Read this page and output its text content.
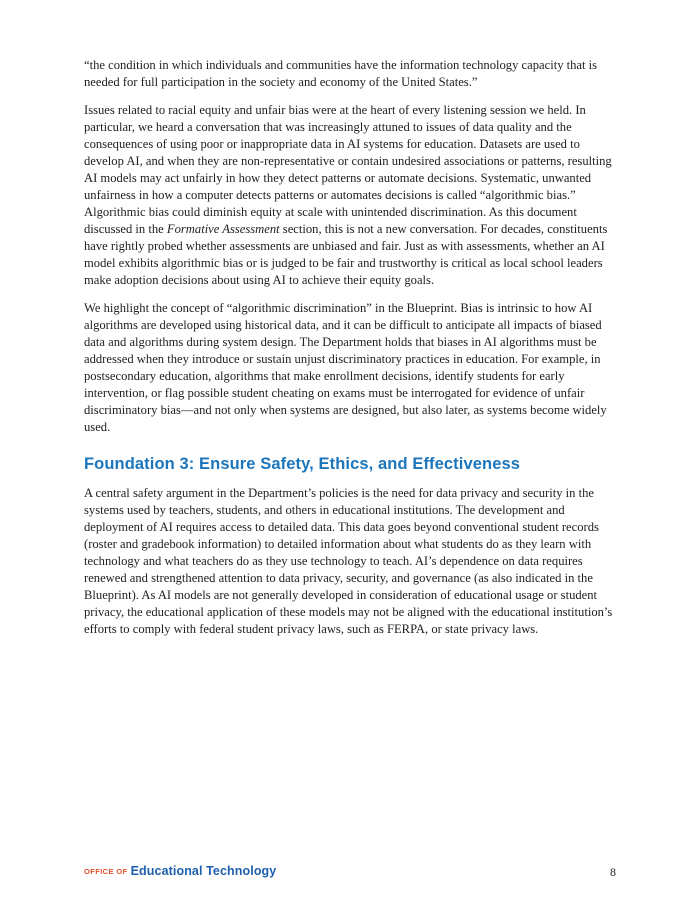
“the condition in which individuals and communities have the information technology capacity that is needed for full participation in the society and economy of the United States.”

Issues related to racial equity and unfair bias were at the heart of every listening session we held. In particular, we heard a conversation that was increasingly attuned to issues of data quality and the consequences of using poor or inappropriate data in AI systems for education. Datasets are used to develop AI, and when they are non-representative or contain undesired associations or patterns, resulting AI models may act unfairly in how they detect patterns or automate decisions. Systematic, unwanted unfairness in how a computer detects patterns or automates decisions is called “algorithmic bias.” Algorithmic bias could diminish equity at scale with unintended discrimination. As this document discussed in the Formative Assessment section, this is not a new conversation. For decades, constituents have rightly probed whether assessments are unbiased and fair. Just as with assessments, whether an AI model exhibits algorithmic bias or is judged to be fair and trustworthy is critical as local school leaders make adoption decisions about using AI to achieve their equity goals.

We highlight the concept of “algorithmic discrimination” in the Blueprint. Bias is intrinsic to how AI algorithms are developed using historical data, and it can be difficult to anticipate all impacts of biased data and algorithms during system design. The Department holds that biases in AI algorithms must be addressed when they introduce or sustain unjust discriminatory practices in education. For example, in postsecondary education, algorithms that make enrollment decisions, identify students for early intervention, or flag possible student cheating on exams must be interrogated for evidence of unfair discriminatory bias—and not only when systems are designed, but also later, as systems become widely used.

Foundation 3: Ensure Safety, Ethics, and Effectiveness

A central safety argument in the Department’s policies is the need for data privacy and security in the systems used by teachers, students, and others in educational institutions. The development and deployment of AI requires access to detailed data. This data goes beyond conventional student records (roster and gradebook information) to detailed information about what students do as they learn with technology and what teachers do as they use technology to teach. AI’s dependence on data requires renewed and strengthened attention to data privacy, security, and governance (as also indicated in the Blueprint). As AI models are not generally developed in consideration of educational usage or student privacy, the educational application of these models may not be aligned with the educational institution’s efforts to comply with federal student privacy laws, such as FERPA, or state privacy laws.

OFFICE OF Educational Technology	8
